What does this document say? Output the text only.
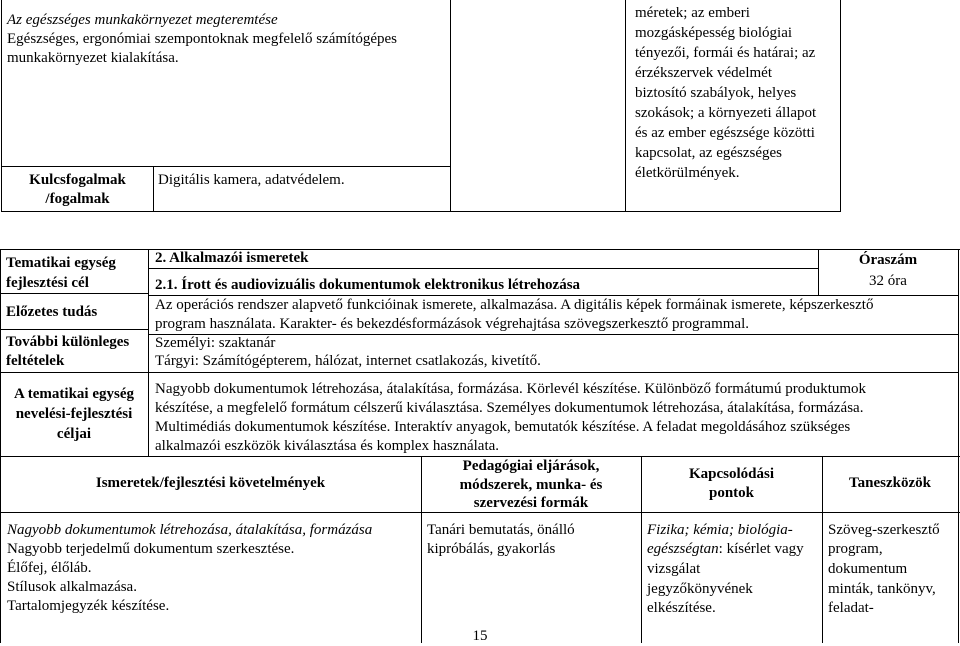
Az egészséges munkakörnyezet megteremtése
Egészséges, ergonómiai szempontoknak megfelelő számítógépes
munkakörnyezet kialakítása.
méretek; az emberi
mozgásképesség biológiai
tényezői, formái és határai; az
érzékszervek védelmét
biztosító szabályok, helyes
szokások; a környezeti állapot
és az ember egészsége közötti
kapcsolat, az egészséges
életkörülmények.
Kulcsfogalmak
/fogalmak
Digitális kamera, adatvédelem.
Tematikai egység
fejlesztési cél
Előzetes tudás
További különleges
feltételek
A tematikai egység
nevelési-fejlesztési
céljai
2. Alkalmazói ismeretek
2.1. Írott és audiovizuális dokumentumok elektronikus létrehozása
Óraszám
32 óra
Az operációs rendszer alapvető funkcióinak ismerete, alkalmazása. A digitális képek formáinak ismerete, képszerkesztő
program használata. Karakter- és bekezdésformázások végrehajtása szövegszerkesztő programmal.
Személyi: szaktanár
Tárgyi: Számítógépterem, hálózat, internet csatlakozás, kivetítő.
Nagyobb dokumentumok létrehozása, átalakítása, formázása. Körlevél készítése. Különböző formátumú produktumok
készítése, a megfelelő formátum célszerű kiválasztása. Személyes dokumentumok létrehozása, átalakítása, formázása.
Multimédiás dokumentumok készítése. Interaktív anyagok, bemutatók készítése. A feladat megoldásához szükséges
alkalmazói eszközök kiválasztása és komplex használata.
Ismeretek/fejlesztési követelmények
Pedagógiai eljárások,
módszerek, munka- és
szervezési formák
Kapcsolódási
pontok
Taneszközök
Nagyobb dokumentumok létrehozása, átalakítása, formázása
Nagyobb terjedelmű dokumentum szerkesztése.
Élőfej, élőláb.
Stílusok alkalmazása.
Tartalomjegyzék készítése.
Tanári bemutatás, önálló
kipróbálás, gyakorlás
Fizika; kémia; biológia-
egészségtan: kísérlet vagy
vizsgálat
jegyzőkönyvének
elkészítése.
Szöveg-szerkesztő
program,
dokumentum
minták, tankönyv,
feladat-
15
